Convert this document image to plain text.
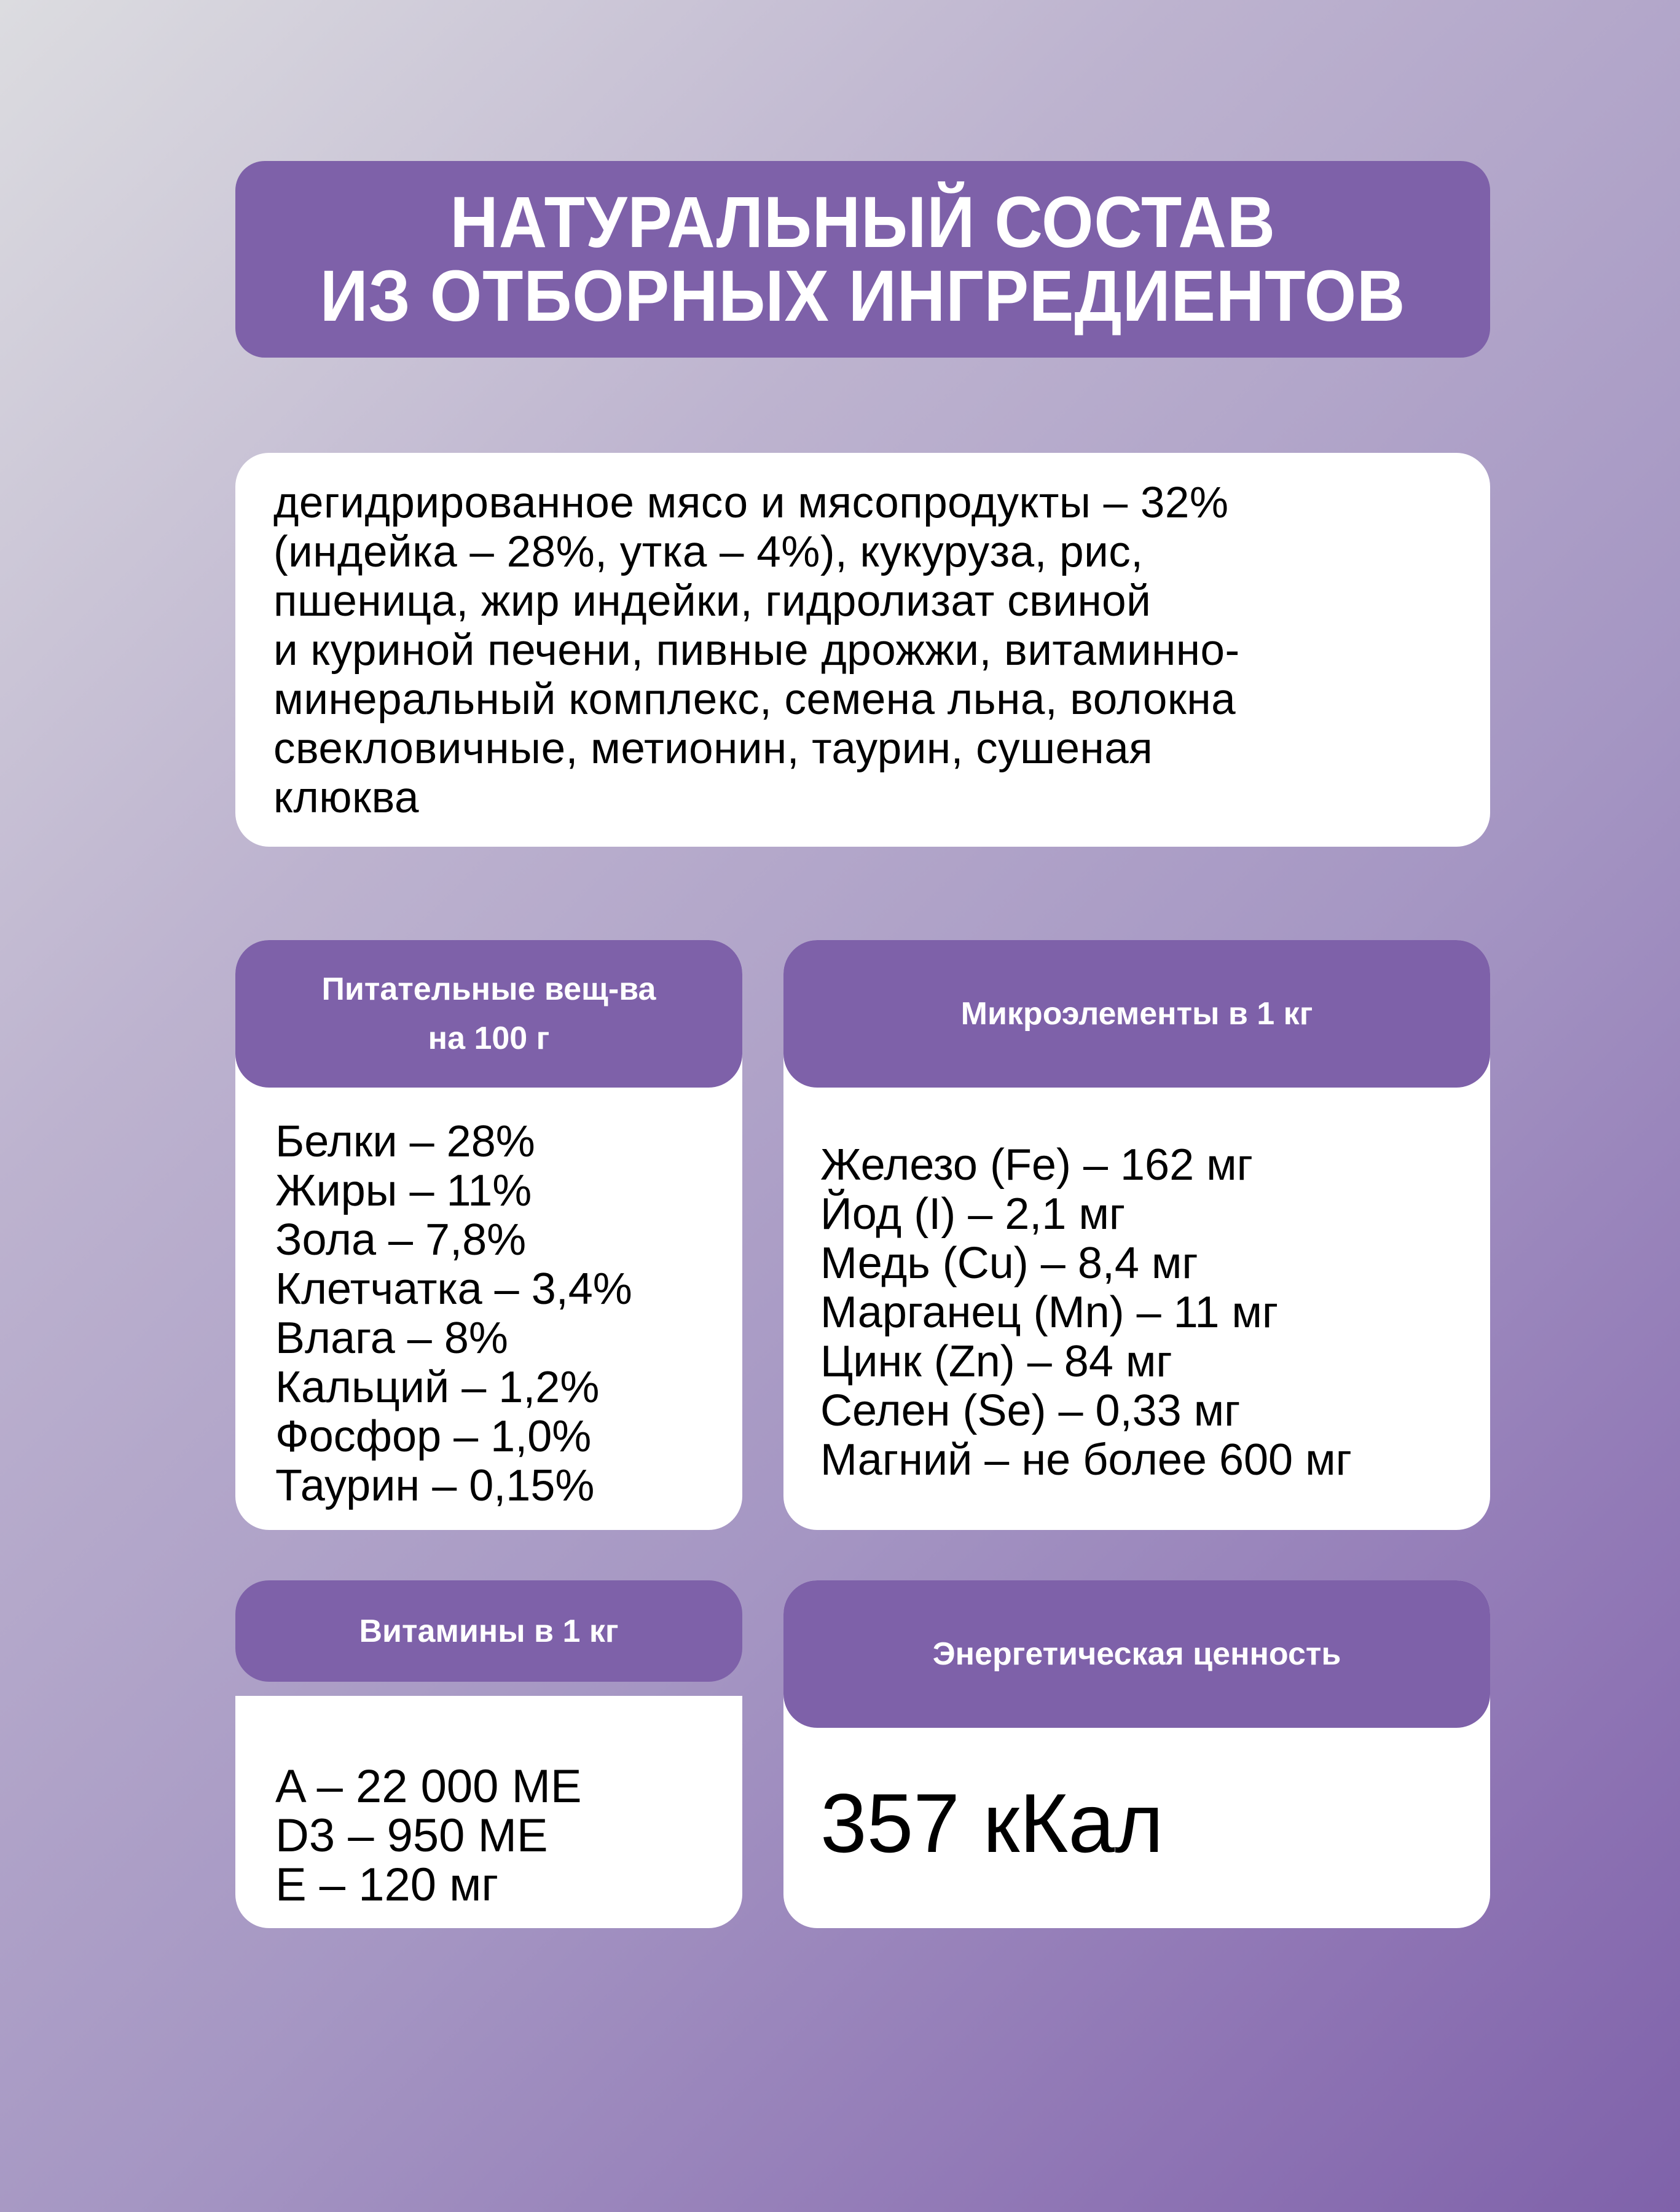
НАТУРАЛЬНЫЙ СОСТАВ
ИЗ ОТБОРНЫХ ИНГРЕДИЕНТОВ
дегидрированное мясо и мясопродукты – 32%
(индейка – 28%, утка – 4%), кукуруза, рис,
пшеница, жир индейки, гидролизат свиной
и куриной печени, пивные дрожжи, витаминно-
минеральный комплекс, семена льна, волокна
свекловичные, метионин, таурин, сушеная
клюква
Питательные вещ-ва
на 100 г
Белки – 28%
Жиры – 11%
Зола – 7,8%
Клетчатка – 3,4%
Влага – 8%
Кальций – 1,2%
Фосфор – 1,0%
Таурин – 0,15%
Микроэлементы в 1 кг
Железо (Fe) – 162 мг
Йод (I) – 2,1 мг
Медь (Cu) – 8,4 мг
Марганец (Mn) – 11 мг
Цинк (Zn) – 84 мг
Селен (Se) – 0,33 мг
Магний – не более 600 мг
Витамины в 1 кг
A – 22 000 МЕ
D3 – 950 МЕ
E – 120 мг
Энергетическая ценность
357 кКал
